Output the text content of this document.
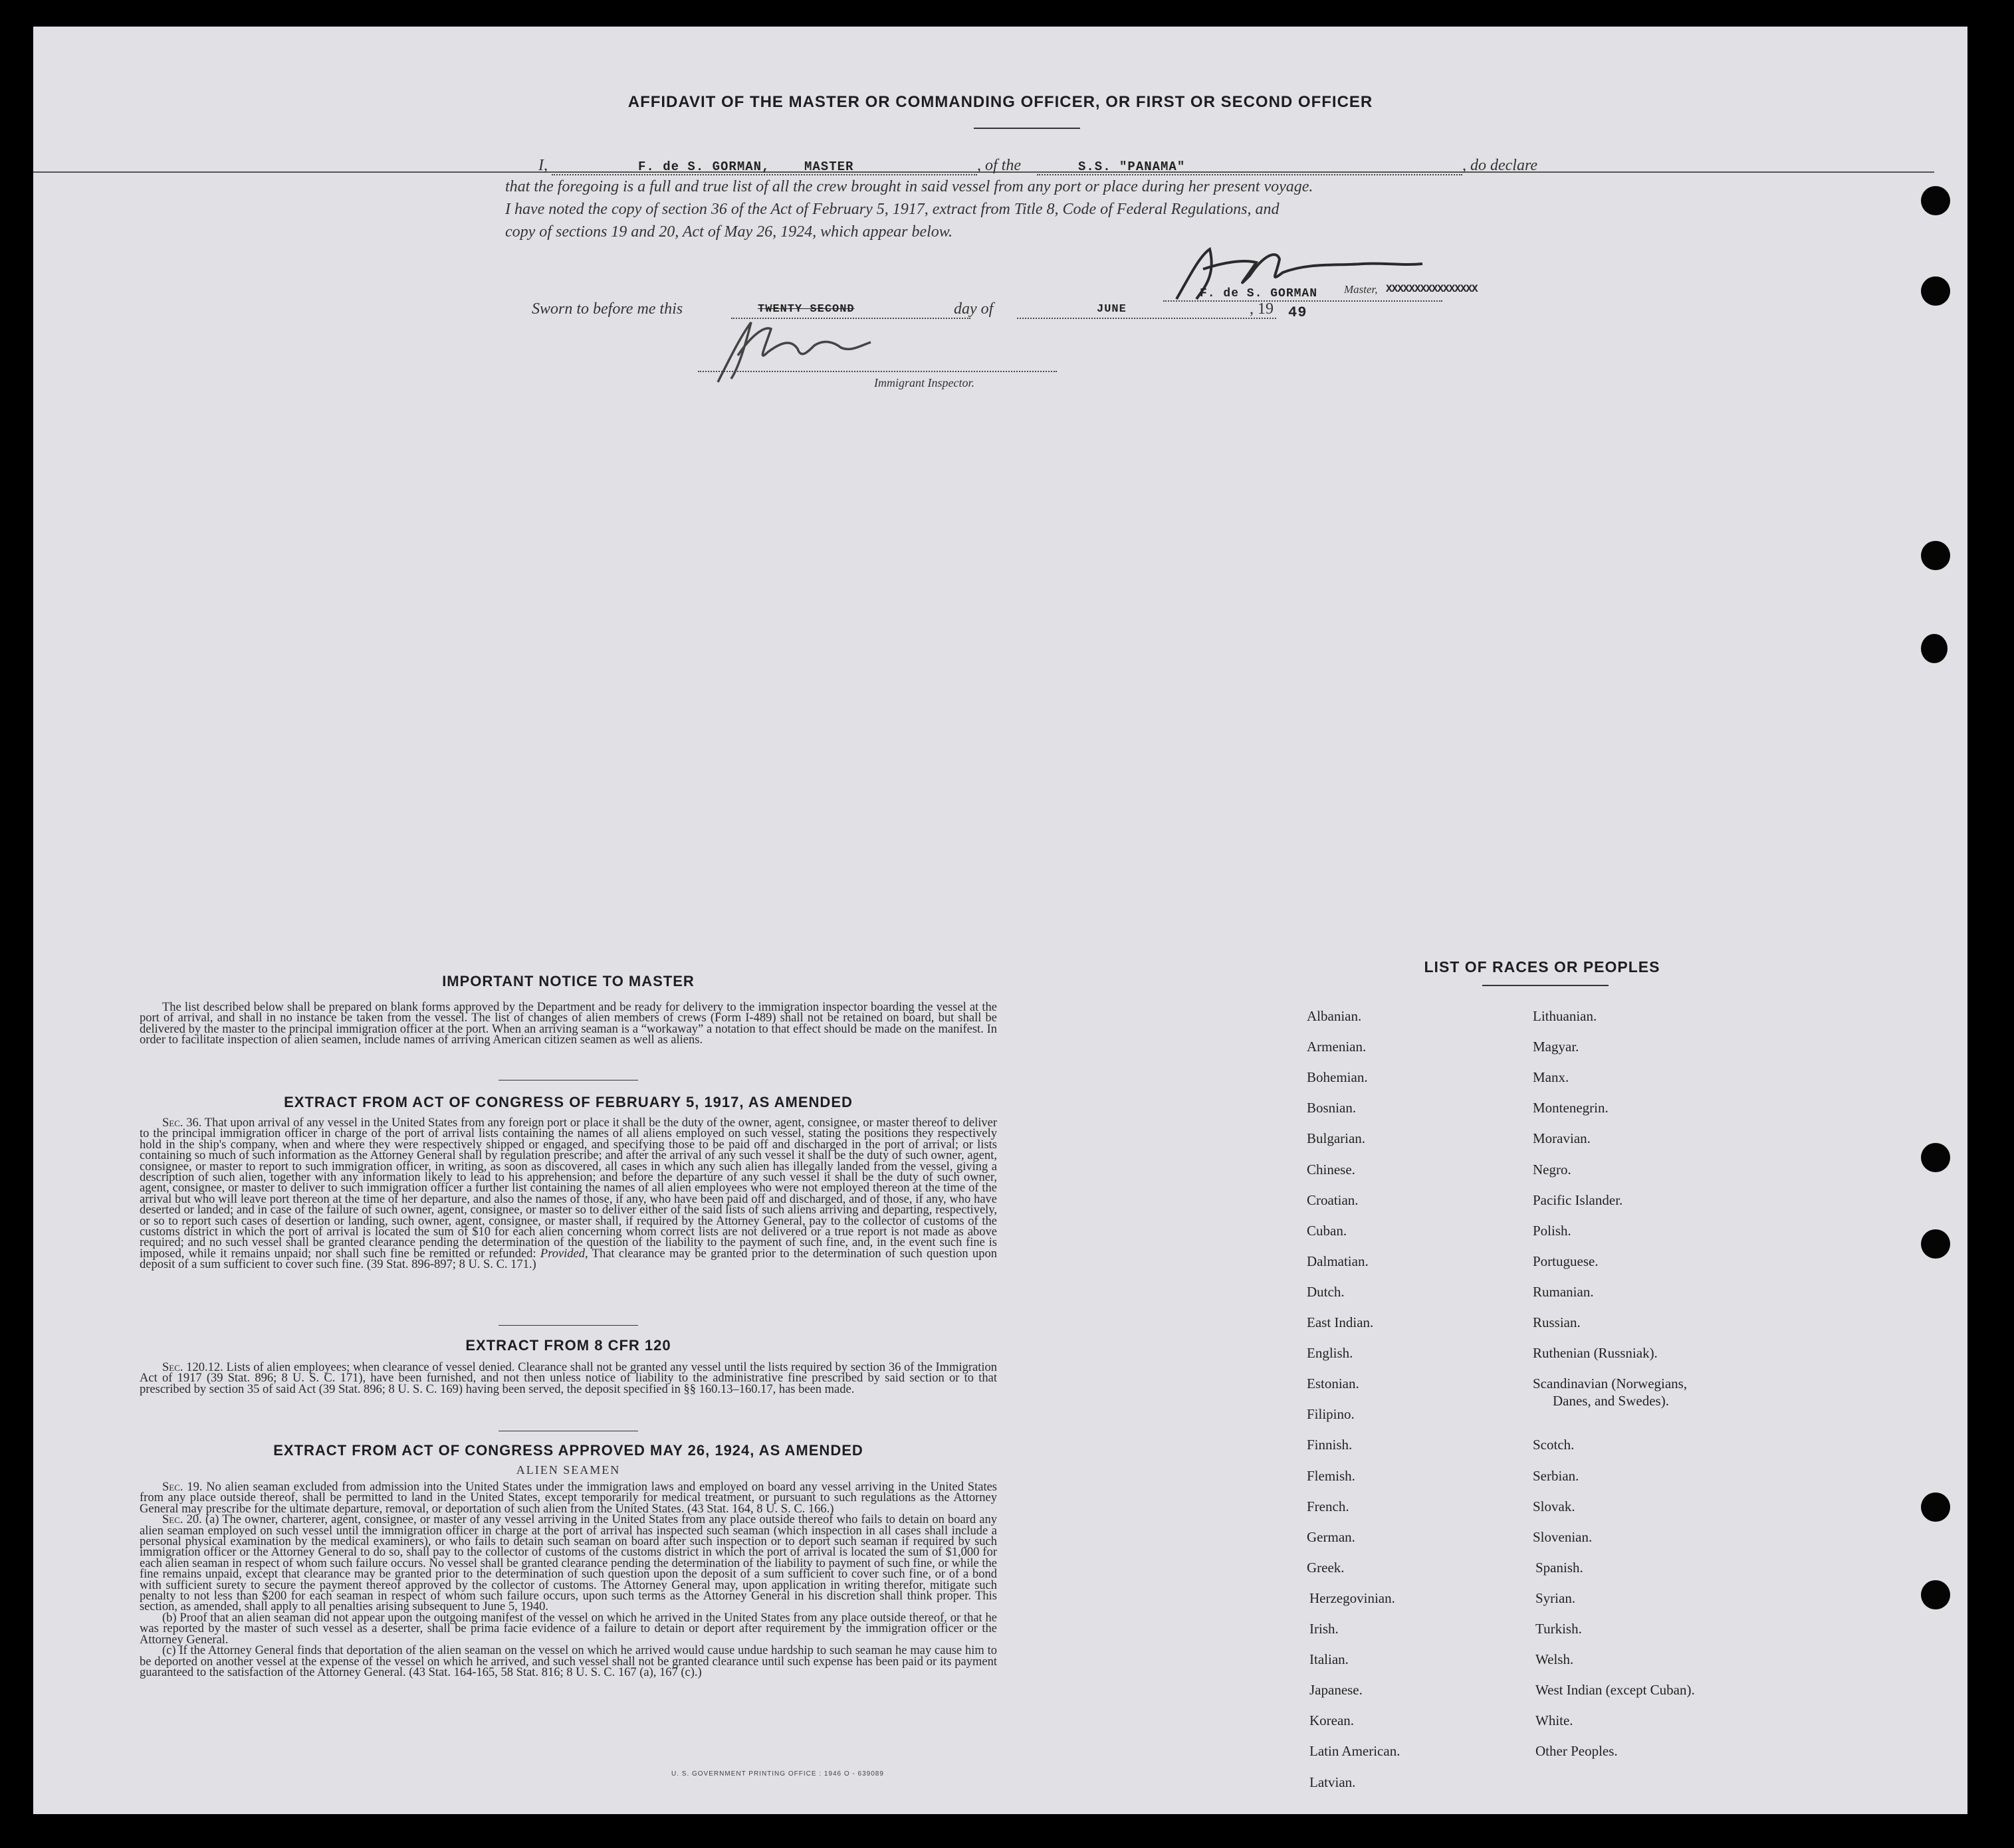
AFFIDAVIT OF THE MASTER OR COMMANDING OFFICER, OR FIRST OR SECOND OFFICER
I,	F. de S. GORMAN,	MASTER	, of the	S.S. "PANAMA"	, do declare
that the foregoing is a full and true list of all the crew brought in said vessel from any port or place during her present voyage.
I have noted the copy of section 36 of the Act of February 5, 1917, extract from Title 8, Code of Federal Regulations, and
copy of sections 19 and 20, Act of May 26, 1924, which appear below.
Sworn to before me this	TWENTY SECOND	day of	JUNE	, 19 49
F. de S. GORMAN Master, XXXXXXXXXXXXXXXX
Immigrant Inspector.
IMPORTANT NOTICE TO MASTER

The list described below shall be prepared on blank forms approved by the Department and be ready for delivery to the immigration inspector boarding the vessel at the port of arrival, and shall in no instance be taken from the vessel. The list of changes of alien members of crews (Form I-489) shall not be retained on board, but shall be delivered by the master to the principal immigration officer at the port. When an arriving seaman is a “workaway” a notation to that effect should be made on the manifest. In order to facilitate inspection of alien seamen, include names of arriving American citizen seamen as well as aliens.

EXTRACT FROM ACT OF CONGRESS OF FEBRUARY 5, 1917, AS AMENDED

Sec. 36. That upon arrival of any vessel in the United States from any foreign port or place it shall be the duty of the owner, agent, consignee, or master thereof to deliver to the principal immigration officer in charge of the port of arrival lists containing the names of all aliens employed on such vessel, stating the positions they respectively hold in the ship's company, when and where they were respectively shipped or engaged, and specifying those to be paid off and discharged in the port of arrival; or lists containing so much of such information as the Attorney General shall by regulation prescribe; and after the arrival of any such vessel it shall be the duty of such owner, agent, consignee, or master to report to such immigration officer, in writing, as soon as discovered, all cases in which any such alien has illegally landed from the vessel, giving a description of such alien, together with any information likely to lead to his apprehension; and before the departure of any such vessel it shall be the duty of such owner, agent, consignee, or master to deliver to such immigration officer a further list containing the names of all alien employees who were not employed thereon at the time of the arrival but who will leave port thereon at the time of her departure, and also the names of those, if any, who have been paid off and discharged, and of those, if any, who have deserted or landed; and in case of the failure of such owner, agent, consignee, or master so to deliver either of the said lists of such aliens arriving and departing, respectively, or so to report such cases of desertion or landing, such owner, agent, consignee, or master shall, if required by the Attorney General, pay to the collector of customs of the customs district in which the port of arrival is located the sum of $10 for each alien concerning whom correct lists are not delivered or a true report is not made as above required; and no such vessel shall be granted clearance pending the determination of the question of the liability to the payment of such fine, and, in the event such fine is imposed, while it remains unpaid; nor shall such fine be remitted or refunded: Provided, That clearance may be granted prior to the determination of such question upon deposit of a sum sufficient to cover such fine. (39 Stat. 896-897; 8 U. S. C. 171.)

EXTRACT FROM 8 CFR 120

Sec. 120.12. Lists of alien employees; when clearance of vessel denied. Clearance shall not be granted any vessel until the lists required by section 36 of the Immigration Act of 1917 (39 Stat. 896; 8 U. S. C. 171), have been furnished, and not then unless notice of liability to the administrative fine prescribed by said section or to that prescribed by section 35 of said Act (39 Stat. 896; 8 U. S. C. 169) having been served, the deposit specified in §§ 160.13–160.17, has been made.

EXTRACT FROM ACT OF CONGRESS APPROVED MAY 26, 1924, AS AMENDED
ALIEN SEAMEN

Sec. 19. No alien seaman excluded from admission into the United States under the immigration laws and employed on board any vessel arriving in the United States from any place outside thereof, shall be permitted to land in the United States, except temporarily for medical treatment, or pursuant to such regulations as the Attorney General may prescribe for the ultimate departure, removal, or deportation of such alien from the United States. (43 Stat. 164, 8 U. S. C. 166.)

Sec. 20. (a) The owner, charterer, agent, consignee, or master of any vessel arriving in the United States from any place outside thereof who fails to detain on board any alien seaman employed on such vessel until the immigration officer in charge at the port of arrival has inspected such seaman (which inspection in all cases shall include a personal physical examination by the medical examiners), or who fails to detain such seaman on board after such inspection or to deport such seaman if required by such immigration officer or the Attorney General to do so, shall pay to the collector of customs of the customs district in which the port of arrival is located the sum of $1,000 for each alien seaman in respect of whom such failure occurs. No vessel shall be granted clearance pending the determination of the liability to payment of such fine, or while the fine remains unpaid, except that clearance may be granted prior to the determination of such question upon the deposit of a sum sufficient to cover such fine, or of a bond with sufficient surety to secure the payment thereof approved by the collector of customs. The Attorney General may, upon application in writing therefor, mitigate such penalty to not less than $200 for each seaman in respect of whom such failure occurs, upon such terms as the Attorney General in his discretion shall think proper. This section, as amended, shall apply to all penalties arising subsequent to June 5, 1940.

(b) Proof that an alien seaman did not appear upon the outgoing manifest of the vessel on which he arrived in the United States from any place outside thereof, or that he was reported by the master of such vessel as a deserter, shall be prima facie evidence of a failure to detain or deport after requirement by the immigration officer or the Attorney General.

(c) If the Attorney General finds that deportation of the alien seaman on the vessel on which he arrived would cause undue hardship to such seaman he may cause him to be deported on another vessel at the expense of the vessel on which he arrived, and such vessel shall not be granted clearance until such expense has been paid or its payment guaranteed to the satisfaction of the Attorney General. (43 Stat. 164-165, 58 Stat. 816; 8 U. S. C. 167 (a), 167 (c).)

U. S. GOVERNMENT PRINTING OFFICE : 1946 O - 639089
LIST OF RACES OR PEOPLES
Albanian.
Armenian.
Bohemian.
Bosnian.
Bulgarian.
Chinese.
Croatian.
Cuban.
Dalmatian.
Dutch.
East Indian.
English.
Estonian.
Filipino.
Finnish.
Flemish.
French.
German.
Greek.
Herzegovinian.
Irish.
Italian.
Japanese.
Korean.
Latin American.
Latvian.
Lithuanian.
Magyar.
Manx.
Montenegrin.
Moravian.
Negro.
Pacific Islander.
Polish.
Portuguese.
Rumanian.
Russian.
Ruthenian (Russniak).
Scandinavian (Norwegians,
Danes, and Swedes).
Scotch.
Serbian.
Slovak.
Slovenian.
Spanish.
Syrian.
Turkish.
Welsh.
West Indian (except Cuban).
White.
Other Peoples.
